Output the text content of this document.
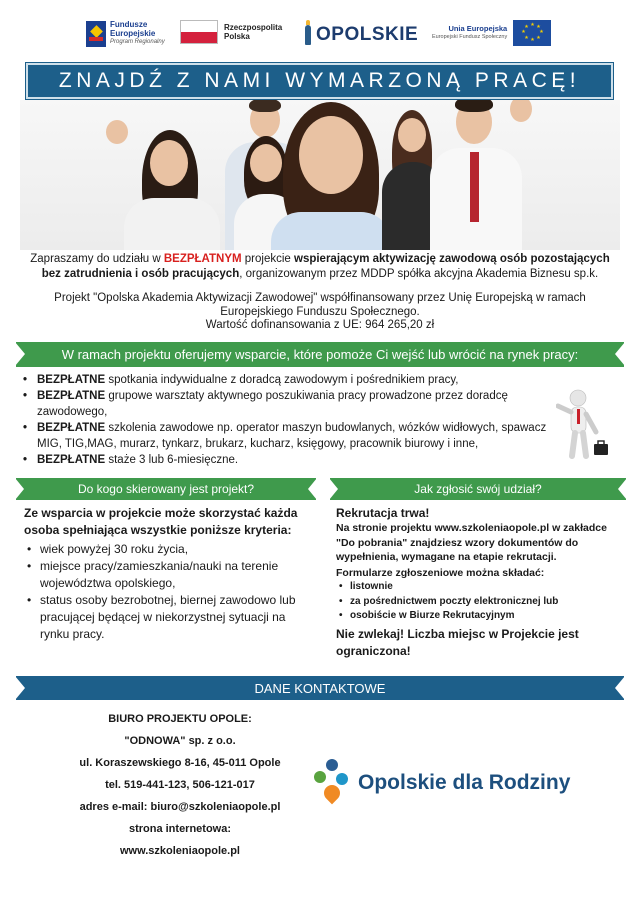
Fundusze
Europejskie
Program Regionalny
Rzeczpospolita
Polska	OPOLSKIE	Unia Europejska
Europejski Fundusz Społeczny
★ ★
★
★
★
★
★
★
ZNAJDŹ Z NAMI WYMARZONĄ PRACĘ!
Zapraszamy do udziału w BEZPŁATNYM projekcie wspierającym aktywizację zawodową osób pozostających bez zatrudnienia i osób pracujących, organizowanym przez MDDP spółka akcyjna Akademia Biznesu sp.k.
Projekt "Opolska Akademia Aktywizacji Zawodowej" współfinansowany przez Unię Europejską w ramach Europejskiego Funduszu Społecznego.
Wartość dofinansowania z UE: 964 265,20 zł
W ramach projektu oferujemy wsparcie, które pomoże Ci wejść lub wrócić na rynek pracy:
• BEZPŁATNE spotkania indywidualne z doradcą zawodowym i pośrednikiem pracy,
• BEZPŁATNE grupowe warsztaty aktywnego poszukiwania pracy prowadzone przez doradcę zawodowego,
• BEZPŁATNE szkolenia zawodowe np. operator maszyn budowlanych, wózków widłowych, spawacz MIG, TIG,MAG, murarz, tynkarz, brukarz, kucharz, księgowy, pracownik biurowy i inne,
• BEZPŁATNE staże 3 lub 6-miesięczne.
Do kogo skierowany jest projekt?	Jak zgłosić swój udział?
Ze wsparcia w projekcie może skorzystać każda osoba spełniająca wszystkie poniższe kryteria:
• wiek powyżej 30 roku życia,
• miejsce pracy/zamieszkania/nauki na terenie województwa opolskiego,
• status osoby bezrobotnej, biernej zawodowo lub pracującej będącej w niekorzystnej sytuacji na rynku pracy.
Rekrutacja trwa!
Na stronie projektu www.szkoleniaopole.pl w zakładce "Do pobrania" znajdziesz wzory dokumentów do wypełnienia, wymagane na etapie rekrutacji.
Formularze zgłoszeniowe można składać:
• listownie
• za pośrednictwem poczty elektronicznej lub
• osobiście w Biurze Rekrutacyjnym
Nie zwlekaj! Liczba miejsc w Projekcie jest ograniczona!
DANE KONTAKTOWE
BIURO PROJEKTU OPOLE:
"ODNOWA" sp. z o.o.
ul. Koraszewskiego 8-16, 45-011 Opole
tel. 519-441-123, 506-121-017
adres e-mail: biuro@szkoleniaopole.pl
strona internetowa:
www.szkoleniaopole.pl
Opolskie dla Rodziny
